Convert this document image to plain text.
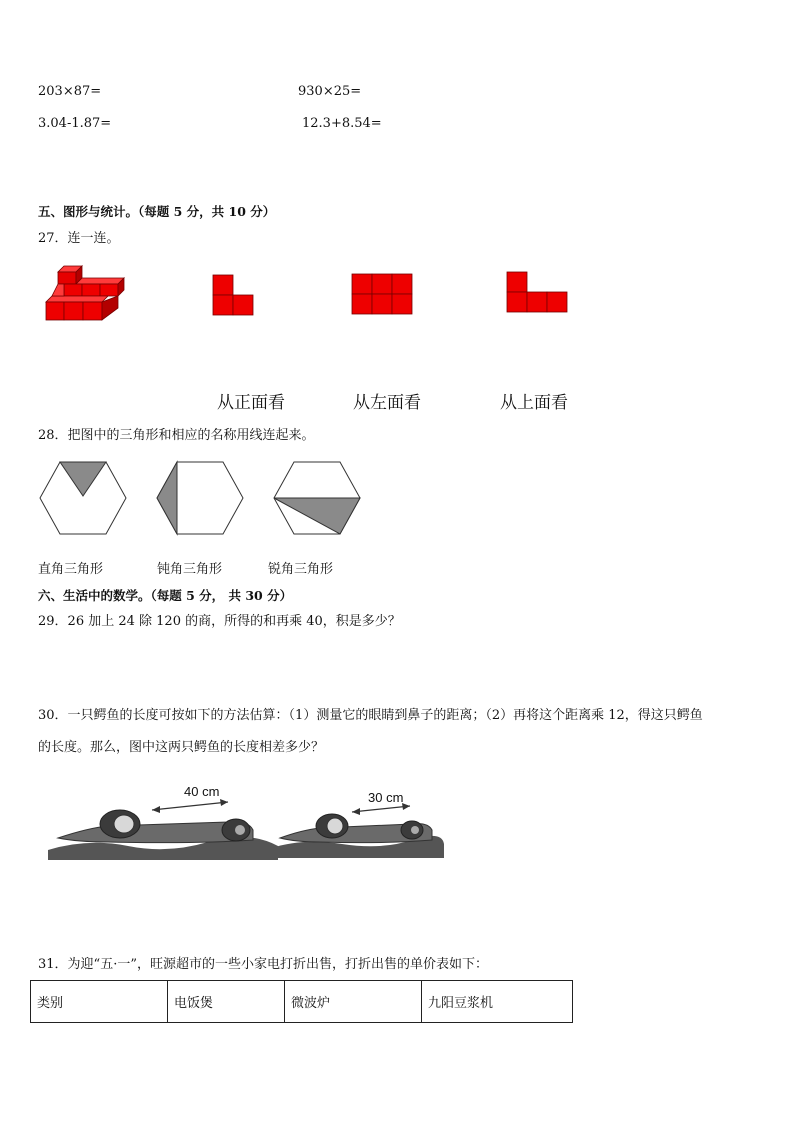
203×87=	930×25=
3.04-1.87=	12.3+8.54=
五、图形与统计。（每题 5 分，共 10 分）
27．连一连。
从正面看	从左面看	从上面看
28．把图中的三角形和相应的名称用线连起来。
直角三角形	钝角三角形	锐角三角形
六、生活中的数学。（每题 5 分， 共 30 分）
29．26 加上 24 除 120 的商，所得的和再乘 40，积是多少？
30．一只鳄鱼的长度可按如下的方法估算：（1）测量它的眼睛到鼻子的距离；（2）再将这个距离乘 12，得这只鳄鱼
的长度。那么，图中这两只鳄鱼的长度相差多少？
40 cm	30 cm
31．为迎“五·一”，旺源超市的一些小家电打折出售，打折出售的单价表如下：
类别	电饭煲	微波炉	九阳豆浆机
